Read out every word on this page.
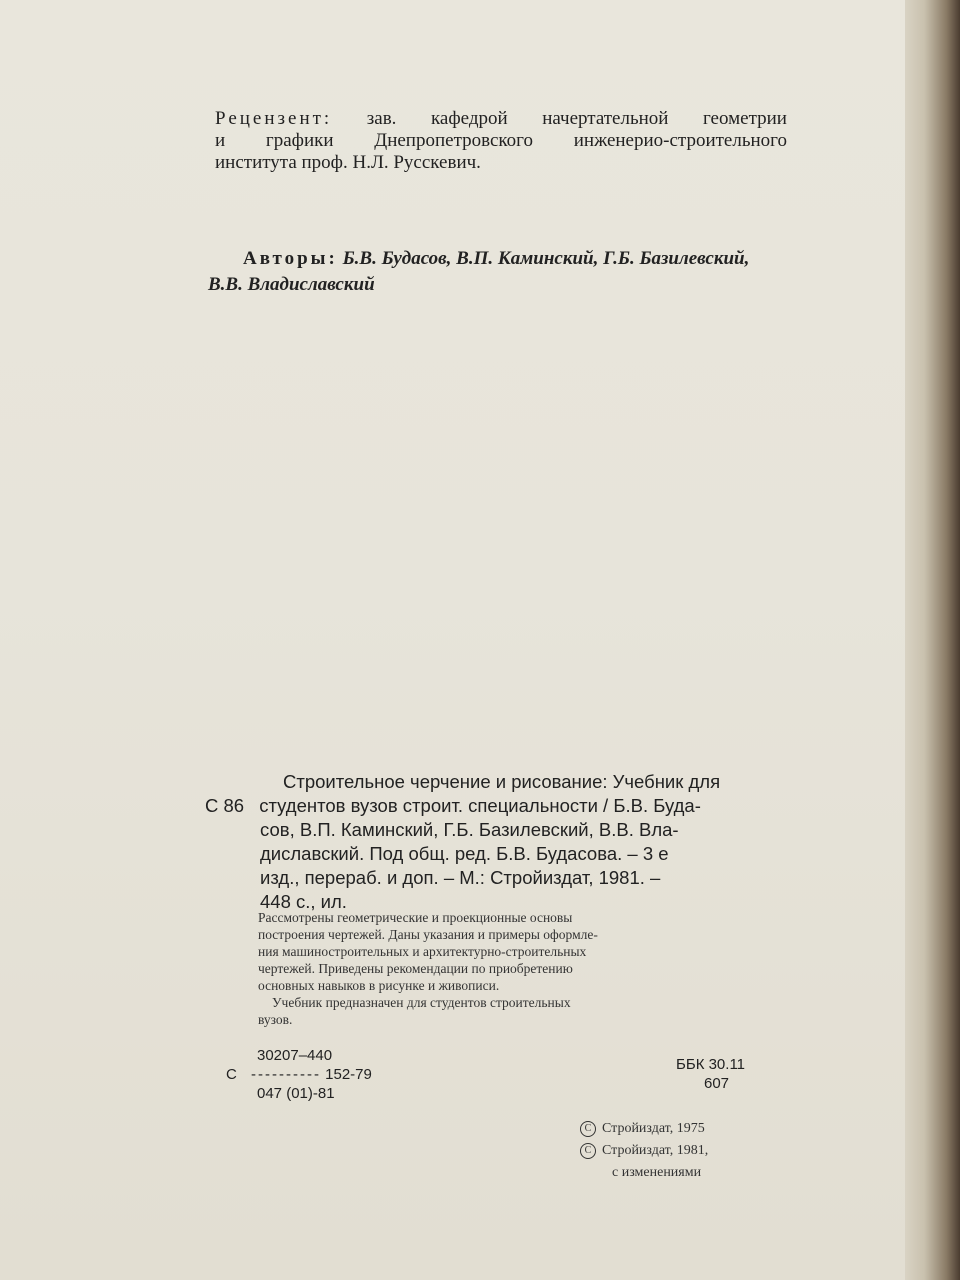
Рецензент: зав. кафедрой начертательной геометрии
и графики Днепропетровского инженерио-строительного
института проф. Н.Л. Русскевич.
Авторы: Б.В. Будасов, В.П. Каминский, Г.Б. Базилевский,
В.В. Владиславский
Строительное черчение и рисование: Учебник для
С 86 студентов вузов строит. специальности / Б.В. Буда-
сов, В.П. Каминский, Г.Б. Базилевский, В.В. Вла-
диславский. Под общ. ред. Б.В. Будасова. – 3 е
изд., перераб. и доп. – М.: Стройиздат, 1981. –
448 с., ил.
Рассмотрены геометрические и проекционные основы
построения чертежей. Даны указания и примеры оформле-
ния машиностроительных и архитектурно-строительных
чертежей. Приведены рекомендации по приобретению
основных навыков в рисунке и живописи.
Учебник предназначен для студентов строительных
вузов.
30207–440
С ---------- 152-79
047 (01)-81
ББК 30.11
607
С Стройиздат, 1975
С Стройиздат, 1981,
с изменениями
